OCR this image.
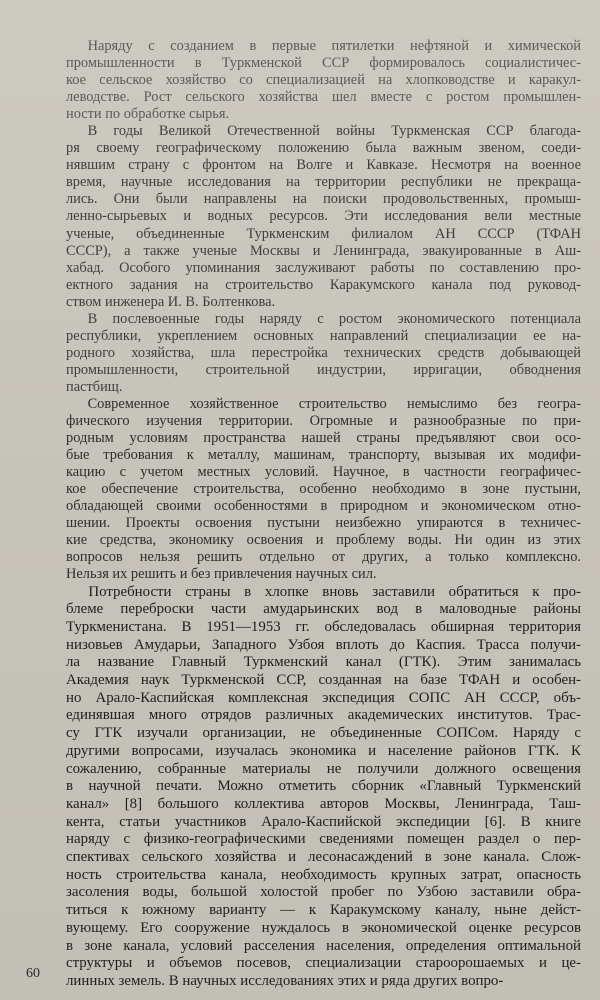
  Наряду с созданием в первые пятилетки нефтяной и химической
промышленности в Туркменской ССР формировалось социалистичес-
кое сельское хозяйство со специализацией на хлопководстве и каракул-
леводстве. Рост сельского хозяйства шел вместе с ростом промышлен-
ности по обработке сырья.

  В годы Великой Отечественной войны Туркменская ССР благода-
ря своему географическому положению была важным звеном, соеди-
нявшим страну с фронтом на Волге и Кавказе. Несмотря на военное
время, научные исследования на территории республики не прекраща-
лись. Они были направлены на поиски продовольственных, промыш-
ленно-сырьевых и водных ресурсов. Эти исследования вели местные
ученые, объединенные Туркменским филиалом АН СССР (ТФАН
СССР), а также ученые Москвы и Ленинграда, эвакуированные в Аш-
хабад. Особого упоминания заслуживают работы по составлению про-
ектного задания на строительство Каракумского канала под руковод-
ством инженера И. В. Болтенкова.

  В послевоенные годы наряду с ростом экономического потенциала
республики, укреплением основных направлений специализации ее на-
родного хозяйства, шла перестройка технических средств добывающей
промышленности, строительной индустрии, ирригации, обводнения
пастбищ.

  Современное хозяйственное строительство немыслимо без геогра-
фического изучения территории. Огромные и разнообразные по при-
родным условиям пространства нашей страны предъявляют свои осо-
бые требования к металлу, машинам, транспорту, вызывая их модифи-
кацию с учетом местных условий. Научное, в частности географичес-
кое обеспечение строительства, особенно необходимо в зоне пустыни,
обладающей своими особенностями в природном и экономическом отно-
шении. Проекты освоения пустыни неизбежно упираются в техничес-
кие средства, экономику освоения и проблему воды. Ни один из этих
вопросов нельзя решить отдельно от других, а только комплексно.
Нельзя их решить и без привлечения научных сил.

  Потребности страны в хлопке вновь заставили обратиться к про-
блеме переброски части амударьинских вод в маловодные районы
Туркменистана. В 1951—1953 гг. обследовалась обширная территория
низовьев Амударьи, Западного Узбоя вплоть до Каспия. Трасса получи-
ла название Главный Туркменский канал (ГТК). Этим занималась
Академия наук Туркменской ССР, созданная на базе ТФАН и особен-
но Арало-Каспийская комплексная экспедиция СОПС АН СССР, объ-
единявшая много отрядов различных академических институтов. Трас-
су ГТК изучали организации, не объединенные СОПСом. Наряду с
другими вопросами, изучалась экономика и население районов ГТК. К
сожалению, собранные материалы не получили должного освещения
в научной печати. Можно отметить сборник «Главный Туркменский
канал» [8] большого коллектива авторов Москвы, Ленинграда, Таш-
кента, статьи участников Арало-Каспийской экспедиции [6]. В книге
наряду с физико-географическими сведениями помещен раздел о пер-
спективах сельского хозяйства и лесонасаждений в зоне канала. Слож-
ность строительства канала, необходимость крупных затрат, опасность
засоления воды, большой холостой пробег по Узбою заставили обра-
титься к южному варианту — к Каракумскому каналу, ныне дейст-
вующему. Его сооружение нуждалось в экономической оценке ресурсов
в зоне канала, условий расселения населения, определения оптимальной
структуры и объемов посевов, специализации староорошаемых и це-
линных земель. В научных исследованиях этих и ряда других вопро-

60
